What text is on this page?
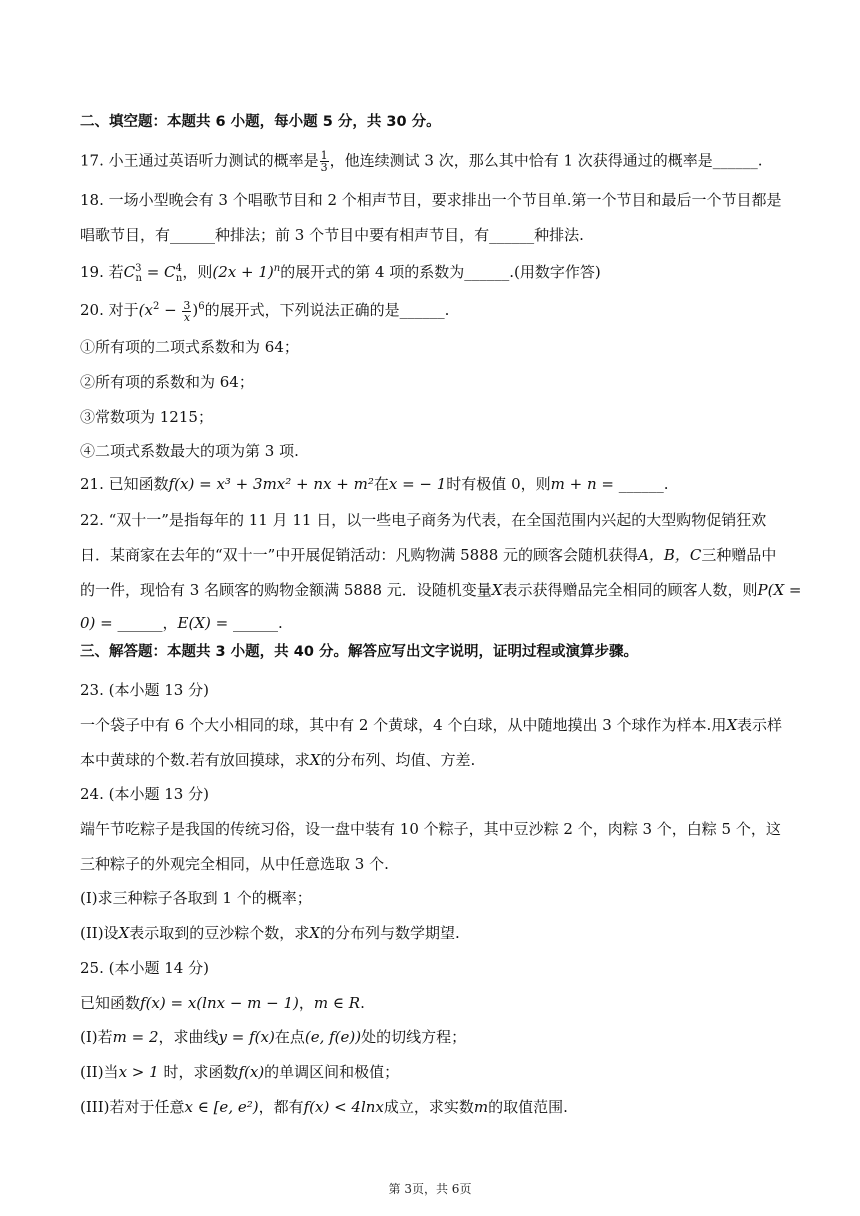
二、填空题：本题共 6 小题，每小题 5 分，共 30 分。
17. 小王通过英语听力测试的概率是 $\frac{1}{3}$ ，他连续测试 3 次，那么其中恰有 1 次获得通过的概率是______.
18. 一场小型晚会有 3 个唱歌节目和 2 个相声节目，要求排出一个节目单.第一个节目和最后一个节目都是
唱歌节目，有______种排法；前 3 个节目中要有相声节目，有______种排法.
19. 若$C^3_n = C^4_n$，则$(2x + 1)^n$的展开式的第 4 项的系数为______.(用数字作答)
20. 对于$(x^2 - \frac{3}{x} )^6$的展开式，下列说法正确的是______.
①所有项的二项式系数和为 64；
②所有项的系数和为 64；
③常数项为 1215；
④二项式系数最大的项为第 3 项.
21. 已知函数f(x) = x³ + 3mx² + nx + m²在x = − 1时有极值 0，则m + n = ______.
22. “双十一”是指每年的 11 月 11 日，以一些电子商务为代表，在全国范围内兴起的大型购物促销狂欢
日．某商家在去年的“双十一”中开展促销活动：凡购物满 5888 元的顾客会随机获得A，B，C三种赠品中
的一件，现恰有 3 名顾客的购物金额满 5888 元．设随机变量X表示获得赠品完全相同的顾客人数，则P(X =
0) = ______，E(X) = ______.
三、解答题：本题共 3 小题，共 40 分。解答应写出文字说明，证明过程或演算步骤。
23. (本小题 13 分)
一个袋子中有 6 个大小相同的球，其中有 2 个黄球，4 个白球，从中随地摸出 3 个球作为样本.用X表示样
本中黄球的个数.若有放回摸球，求X的分布列、均值、方差.
24. (本小题 13 分)
端午节吃粽子是我国的传统习俗，设一盘中装有 10 个粽子，其中豆沙粽 2 个，肉粽 3 个，白粽 5 个，这
三种粽子的外观完全相同，从中任意选取 3 个.
(I)求三种粽子各取到 1 个的概率；
(II)设X表示取到的豆沙粽个数，求X的分布列与数学期望.
25. (本小题 14 分)
已知函数f(x) = x(lnx − m − 1)，m ∈ R.
(I)若m = 2，求曲线y = f(x)在点(e, f(e))处的切线方程；
(II)当x > 1 时，求函数f(x)的单调区间和极值；
(III)若对于任意x ∈ [e, e²)，都有f(x) < 4lnx成立，求实数m的取值范围.
第 3页，共 6页
